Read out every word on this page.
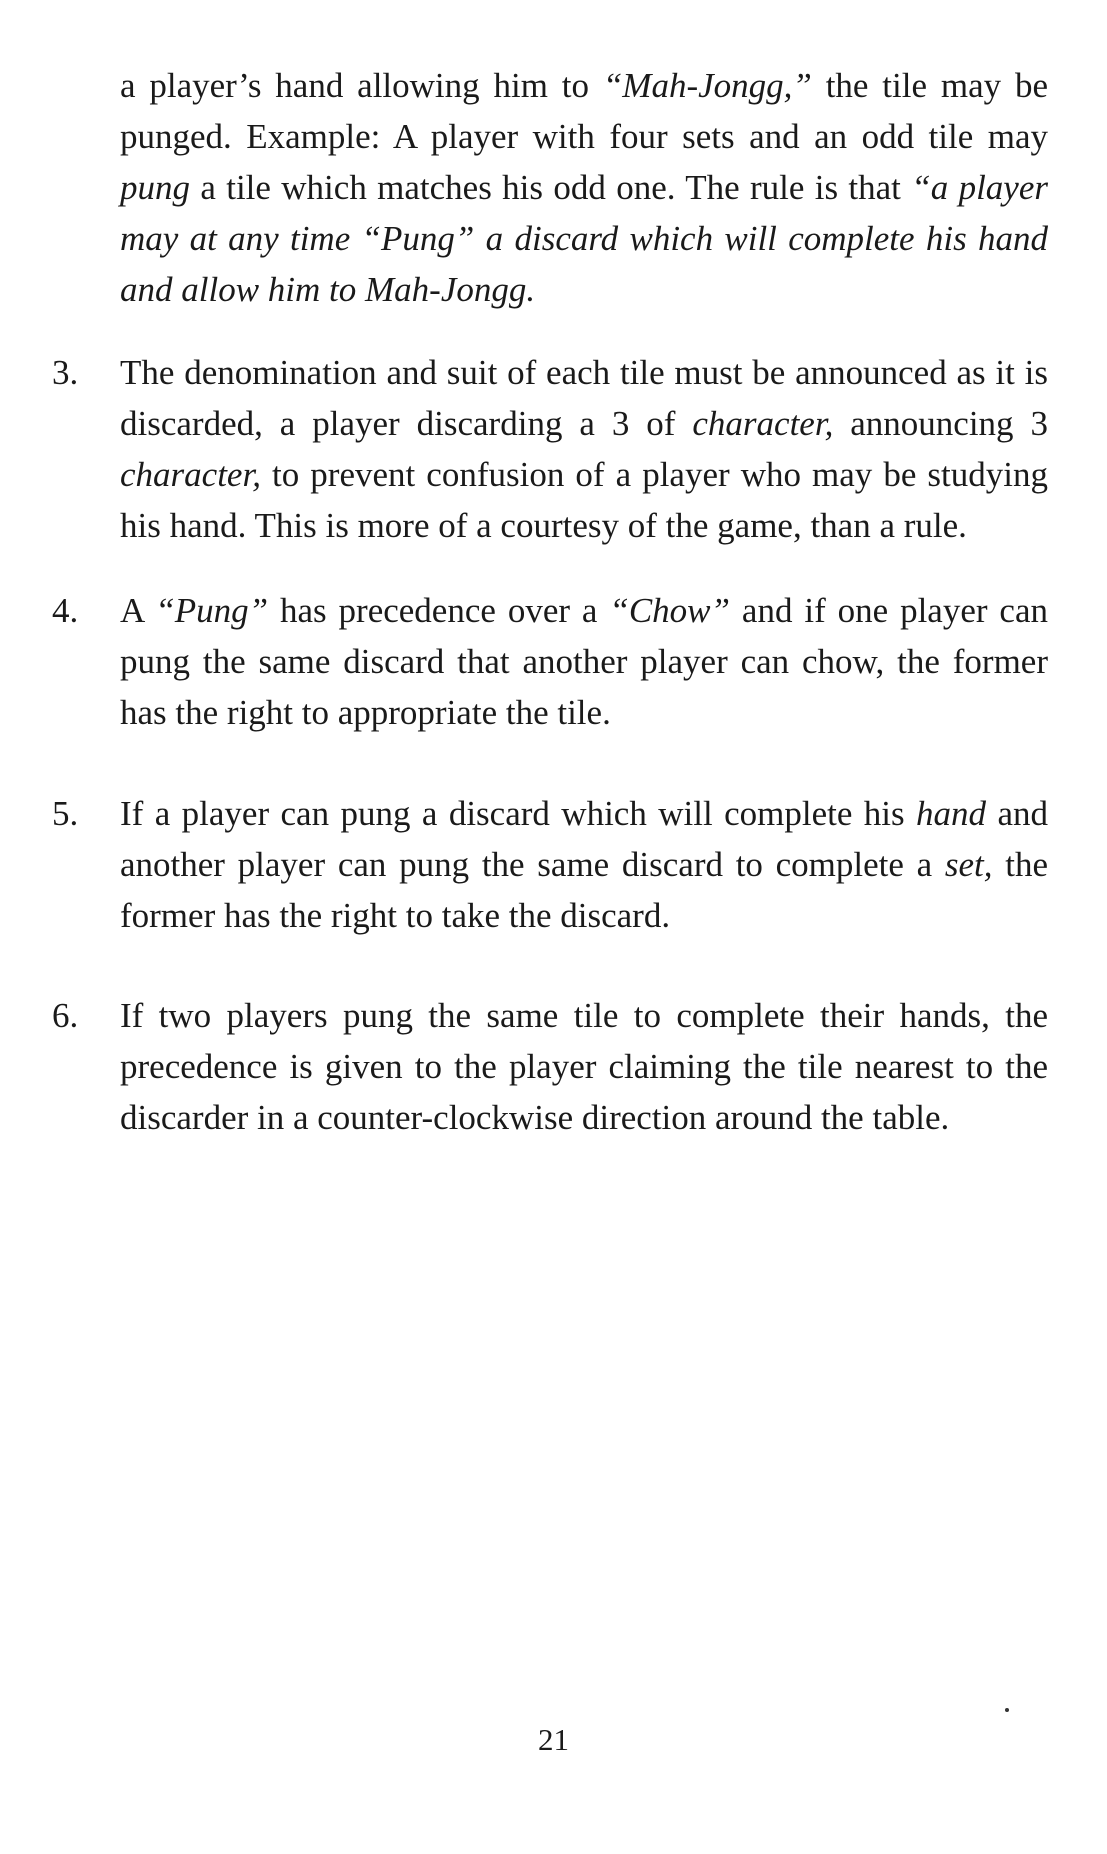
a player’s hand allowing him to “Mah-Jongg,” the tile may be punged. Example: A player with four sets and an odd tile may pung a tile which matches his odd one. The rule is that “a player may at any time “Pung” a discard which will complete his hand and allow him to Mah-Jongg.

3. The denomination and suit of each tile must be announced as it is discarded, a player discarding a 3 of character, announcing 3 character, to prevent confusion of a player who may be studying his hand. This is more of a courtesy of the game, than a rule.

4. A “Pung” has precedence over a “Chow” and if one player can pung the same discard that another player can chow, the former has the right to appropriate the tile.

5. If a player can pung a discard which will complete his hand and another player can pung the same discard to complete a set, the former has the right to take the discard.

6. If two players pung the same tile to complete their hands, the precedence is given to the player claiming the tile nearest to the discarder in a counter-clockwise direction around the table.

21
